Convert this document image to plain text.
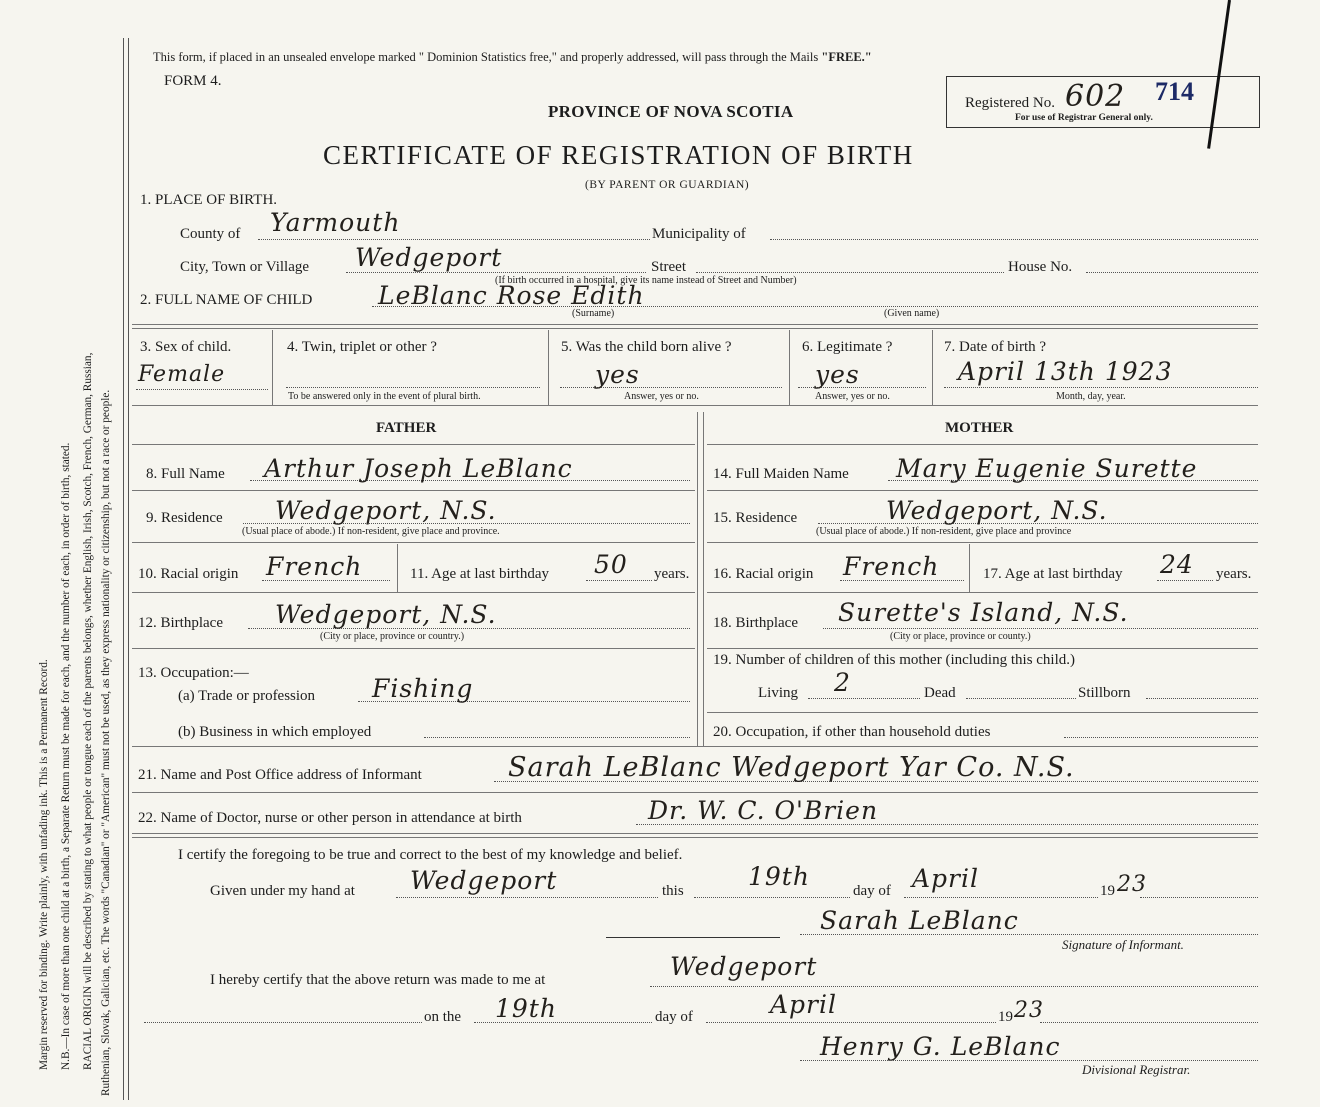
Margin reserved for binding. Write plainly, with unfading ink. This is a Permanent Record. N.B.—In case of more than one child at a birth, a Separate Return must be made for each, and the number of each, in order of birth, stated. RACIAL ORIGIN will be described by stating to what people or tongue each of the parents belongs, whether English, Irish, Scotch, French, German, Russian, Ruthenian, Slovak, Galician, etc. The words "Canadian" or "American" must not be used, as they express nationality or citizenship, but not a race or people.
This form, if placed in an unsealed envelope marked " Dominion Statistics free," and properly addressed, will pass through the Mails "FREE."
FORM 4.
PROVINCE OF NOVA SCOTIA
CERTIFICATE OF REGISTRATION OF BIRTH
(BY PARENT OR GUARDIAN)
Registered No. 602 714
For use of Registrar General only.
1. PLACE OF BIRTH.
County of Yarmouth	Municipality of
City, Town or Village Wedgeport	Street	House No.
(If birth occurred in a hospital, give its name instead of Street and Number)
2. FULL NAME OF CHILD	LeBlanc Rose Edith
(Surname)	(Given name)
3. Sex of child.
Female
4. Twin, triplet or other ?
To be answered only in the event of plural birth.
5. Was the child born alive ?
yes
Answer, yes or no.
6. Legitimate ?
yes
Answer, yes or no.
7. Date of birth ?
April 13th 1923
Month, day, year.
FATHER	MOTHER
8. Full Name Arthur Joseph LeBlanc	14. Full Maiden Name Mary Eugenie Surette
9. Residence Wedgeport, N.S.
(Usual place of abode.) If non-resident, give place and province.
15. Residence	Wedgeport, N.S.
(Usual place of abode.) If non-resident, give place and province
10. Racial origin French	11. Age at last birthday 50 years. 16. Racial origin French	17. Age at last birthday 24 years.
12. Birthplace Wedgeport, N.S.
(City or place, province or country.)
18. Birthplace Surette's Island, N.S.
(City or place, province or county.)
13. Occupation:—
(a) Trade or profession Fishing
(b) Business in which employed
19. Number of children of this mother (including this child.)
Living 2	Dead	Stillborn
20. Occupation, if other than household duties
21. Name and Post Office address of Informant	Sarah LeBlanc Wedgeport Yar Co. N.S.
22. Name of Doctor, nurse or other person in attendance at birth	Dr. W. C. O'Brien
I certify the foregoing to be true and correct to the best of my knowledge and belief.
Given under my hand at Wedgeport	this	19th	day of April	19 23
Sarah LeBlanc
Signature of Informant.
I hereby certify that the above return was made to me at	Wedgeport
on the 19th	day of	April	19 23
Henry G. LeBlanc
Divisional Registrar.
